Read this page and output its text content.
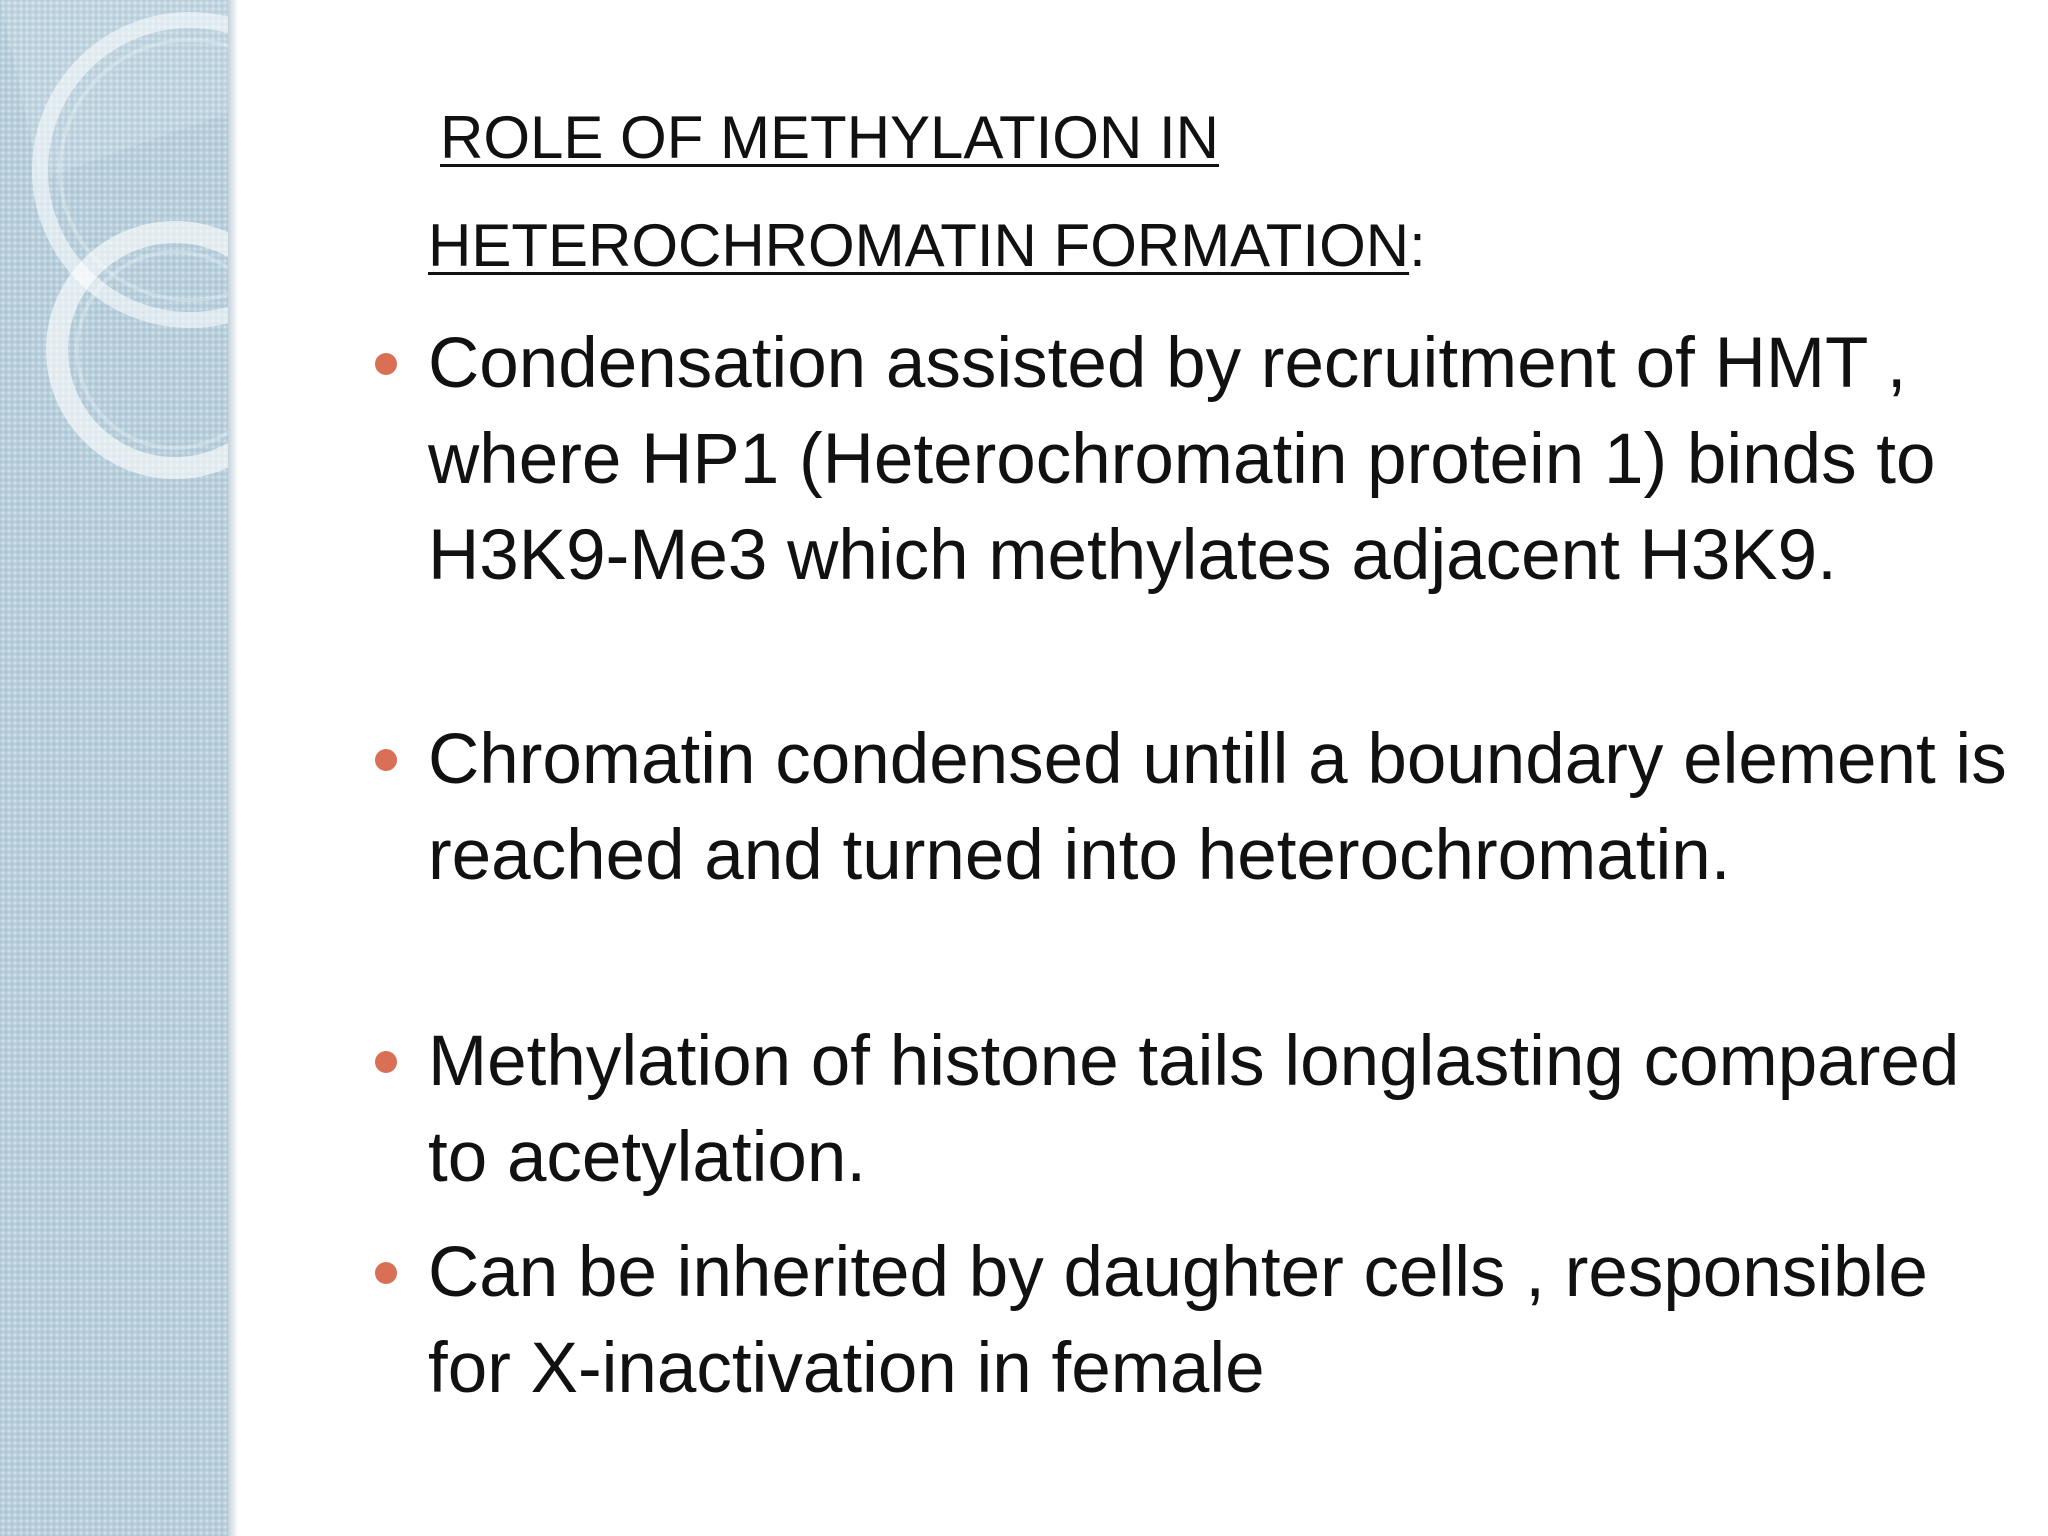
ROLE OF METHYLATION IN
HETEROCHROMATIN FORMATION:
Condensation assisted by recruitment of HMT , where HP1 (Heterochromatin protein 1) binds to H3K9-Me3 which methylates adjacent H3K9.
Chromatin condensed untill a boundary element is reached and turned into heterochromatin.
Methylation of histone tails longlasting compared to acetylation.
Can be inherited by daughter cells , responsible for X-inactivation in female
